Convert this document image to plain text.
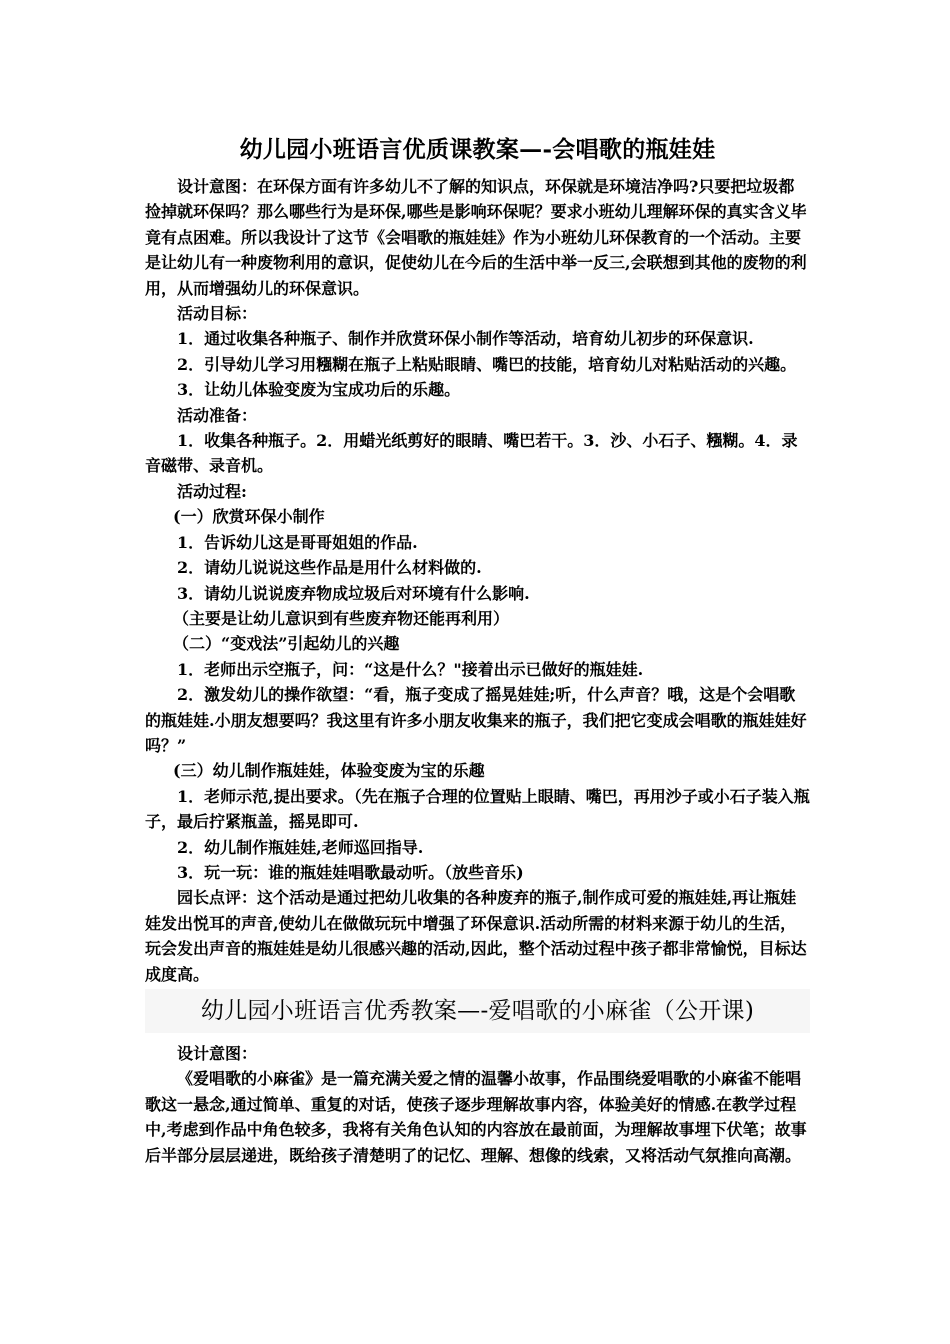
幼儿园小班语言优质课教案—-会唱歌的瓶娃娃

设计意图：在环保方面有许多幼儿不了解的知识点，环保就是环境洁净吗?只要把垃圾都捡掉就环保吗？那么哪些行为是环保,哪些是影响环保呢？要求小班幼儿理解环保的真实含义毕竟有点困难。所以我设计了这节《会唱歌的瓶娃娃》作为小班幼儿环保教育的一个活动。主要是让幼儿有一种废物利用的意识，促使幼儿在今后的生活中举一反三,会联想到其他的废物的利用，从而增强幼儿的环保意识。

活动目标：

1．通过收集各种瓶子、制作并欣赏环保小制作等活动，培育幼儿初步的环保意识.

2．引导幼儿学习用糨糊在瓶子上粘贴眼睛、嘴巴的技能，培育幼儿对粘贴活动的兴趣。

3．让幼儿体验变废为宝成功后的乐趣。

活动准备：

1．收集各种瓶子。2．用蜡光纸剪好的眼睛、嘴巴若干。3．沙、小石子、糨糊。4．录音磁带、录音机。

活动过程:

(一）欣赏环保小制作

1．告诉幼儿这是哥哥姐姐的作品.

2．请幼儿说说这些作品是用什么材料做的.

3．请幼儿说说废弃物成垃圾后对环境有什么影响.

（主要是让幼儿意识到有些废弃物还能再利用）

（二）“变戏法”引起幼儿的兴趣

1．老师出示空瓶子，问：“这是什么？"接着出示已做好的瓶娃娃.

2．激发幼儿的操作欲望：“看，瓶子变成了摇晃娃娃;听，什么声音？哦，这是个会唱歌的瓶娃娃.小朋友想要吗？我这里有许多小朋友收集来的瓶子，我们把它变成会唱歌的瓶娃娃好吗？”

(三）幼儿制作瓶娃娃，体验变废为宝的乐趣

1．老师示范,提出要求。（先在瓶子合理的位置贴上眼睛、嘴巴，再用沙子或小石子装入瓶子，最后拧紧瓶盖，摇晃即可.

2．幼儿制作瓶娃娃,老师巡回指导.

3．玩一玩：谁的瓶娃娃唱歌最动听。（放些音乐)

园长点评：这个活动是通过把幼儿收集的各种废弃的瓶子,制作成可爱的瓶娃娃,再让瓶娃娃发出悦耳的声音,使幼儿在做做玩玩中增强了环保意识.活动所需的材料来源于幼儿的生活，玩会发出声音的瓶娃娃是幼儿很感兴趣的活动,因此，整个活动过程中孩子都非常愉悦，目标达成度高。

幼儿园小班语言优秀教案—-爱唱歌的小麻雀（公开课)

设计意图：

《爱唱歌的小麻雀》是一篇充满关爱之情的温馨小故事，作品围绕爱唱歌的小麻雀不能唱歌这一悬念,通过简单、重复的对话，使孩子逐步理解故事内容，体验美好的情感.在教学过程中,考虑到作品中角色较多，我将有关角色认知的内容放在最前面，为理解故事埋下伏笔；故事后半部分层层递进，既给孩子清楚明了的记忆、理解、想像的线索，又将活动气氛推向高潮。
